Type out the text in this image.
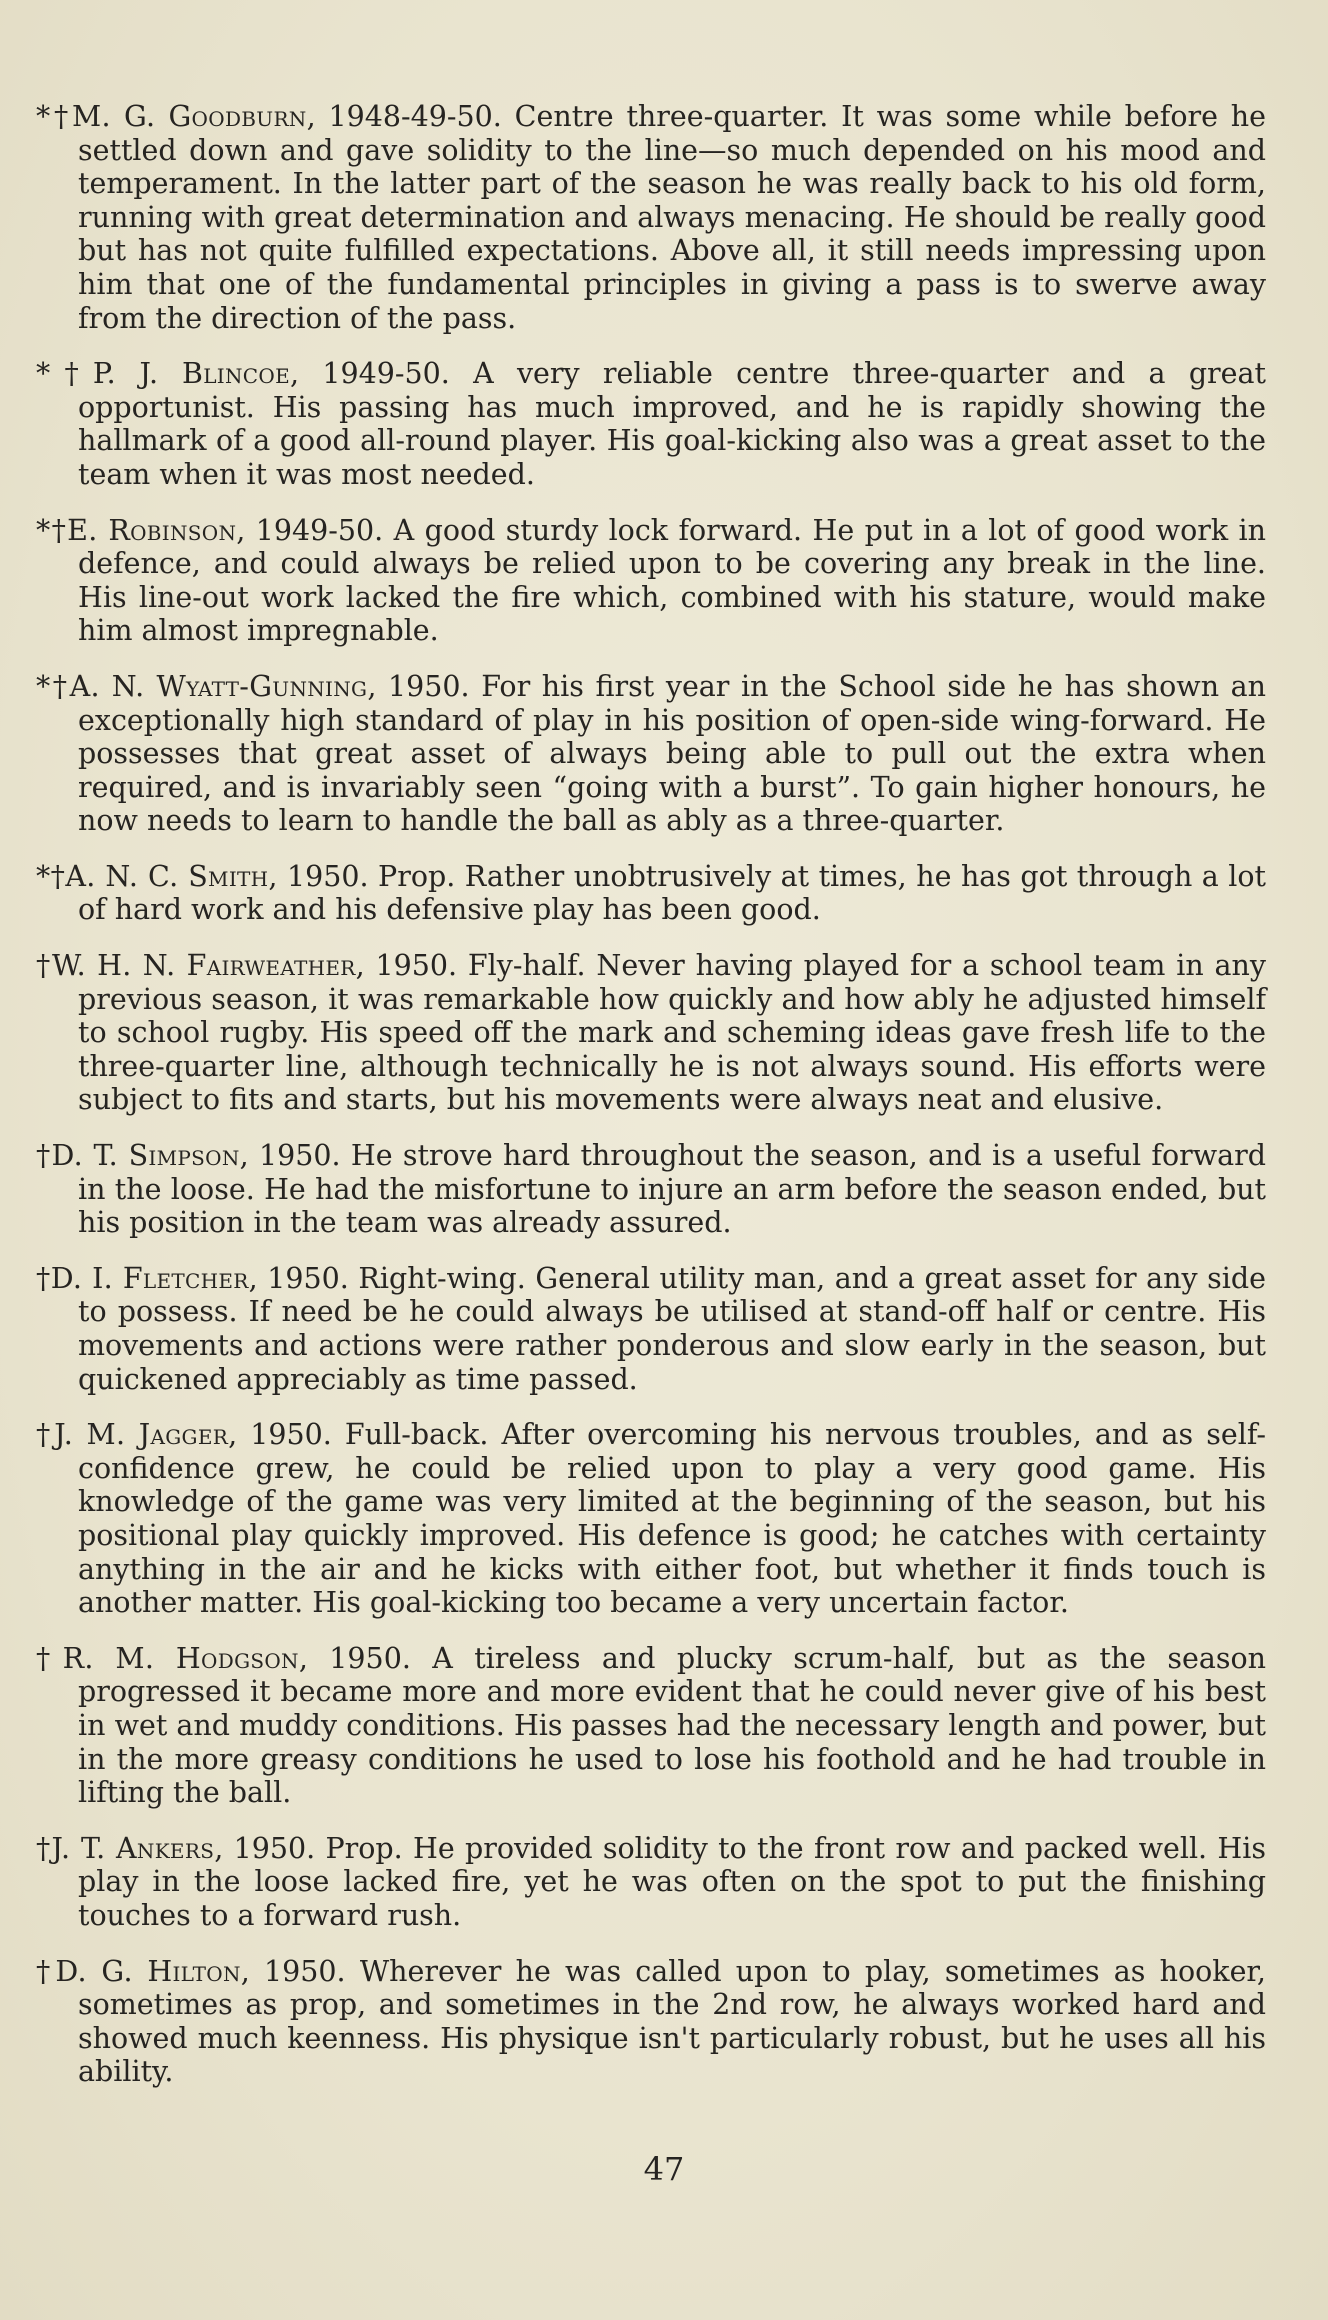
*†M. G. Goodburn, 1948-49-50. Centre three-quarter. It was some while before he settled down and gave solidity to the line—so much depended on his mood and temperament. In the latter part of the season he was really back to his old form, running with great determination and always menacing. He should be really good but has not quite fulfilled expectations. Above all, it still needs impressing upon him that one of the fundamental principles in giving a pass is to swerve away from the direction of the pass.

*†P. J. Blincoe, 1949-50. A very reliable centre three-quarter and a great opportunist. His passing has much improved, and he is rapidly showing the hallmark of a good all-round player. His goal-kicking also was a great asset to the team when it was most needed.

*†E. Robinson, 1949-50. A good sturdy lock forward. He put in a lot of good work in defence, and could always be relied upon to be covering any break in the line. His line-out work lacked the fire which, combined with his stature, would make him almost impregnable.

*†A. N. Wyatt-Gunning, 1950. For his first year in the School side he has shown an exceptionally high standard of play in his position of open-side wing-forward. He possesses that great asset of always being able to pull out the extra when required, and is invariably seen “going with a burst”. To gain higher honours, he now needs to learn to handle the ball as ably as a three-quarter.

*†A. N. C. Smith, 1950. Prop. Rather unobtrusively at times, he has got through a lot of hard work and his defensive play has been good.

†W. H. N. Fairweather, 1950. Fly-half. Never having played for a school team in any previous season, it was remarkable how quickly and how ably he adjusted himself to school rugby. His speed off the mark and scheming ideas gave fresh life to the three-quarter line, although technically he is not always sound. His efforts were subject to fits and starts, but his movements were always neat and elusive.

†D. T. Simpson, 1950. He strove hard throughout the season, and is a useful forward in the loose. He had the misfortune to injure an arm before the season ended, but his position in the team was already assured.

†D. I. Fletcher, 1950. Right-wing. General utility man, and a great asset for any side to possess. If need be he could always be utilised at stand-off half or centre. His movements and actions were rather ponderous and slow early in the season, but quickened appreciably as time passed.

†J. M. Jagger, 1950. Full-back. After overcoming his nervous troubles, and as self-confidence grew, he could be relied upon to play a very good game. His knowledge of the game was very limited at the beginning of the season, but his positional play quickly improved. His defence is good; he catches with certainty anything in the air and he kicks with either foot, but whether it finds touch is another matter. His goal-kicking too became a very uncertain factor.

†R. M. Hodgson, 1950. A tireless and plucky scrum-half, but as the season progressed it became more and more evident that he could never give of his best in wet and muddy conditions. His passes had the necessary length and power, but in the more greasy conditions he used to lose his foothold and he had trouble in lifting the ball.

†J. T. Ankers, 1950. Prop. He provided solidity to the front row and packed well. His play in the loose lacked fire, yet he was often on the spot to put the finishing touches to a forward rush.

†D. G. Hilton, 1950. Wherever he was called upon to play, sometimes as hooker, sometimes as prop, and sometimes in the 2nd row, he always worked hard and showed much keenness. His physique isn't particularly robust, but he uses all his ability.

47
